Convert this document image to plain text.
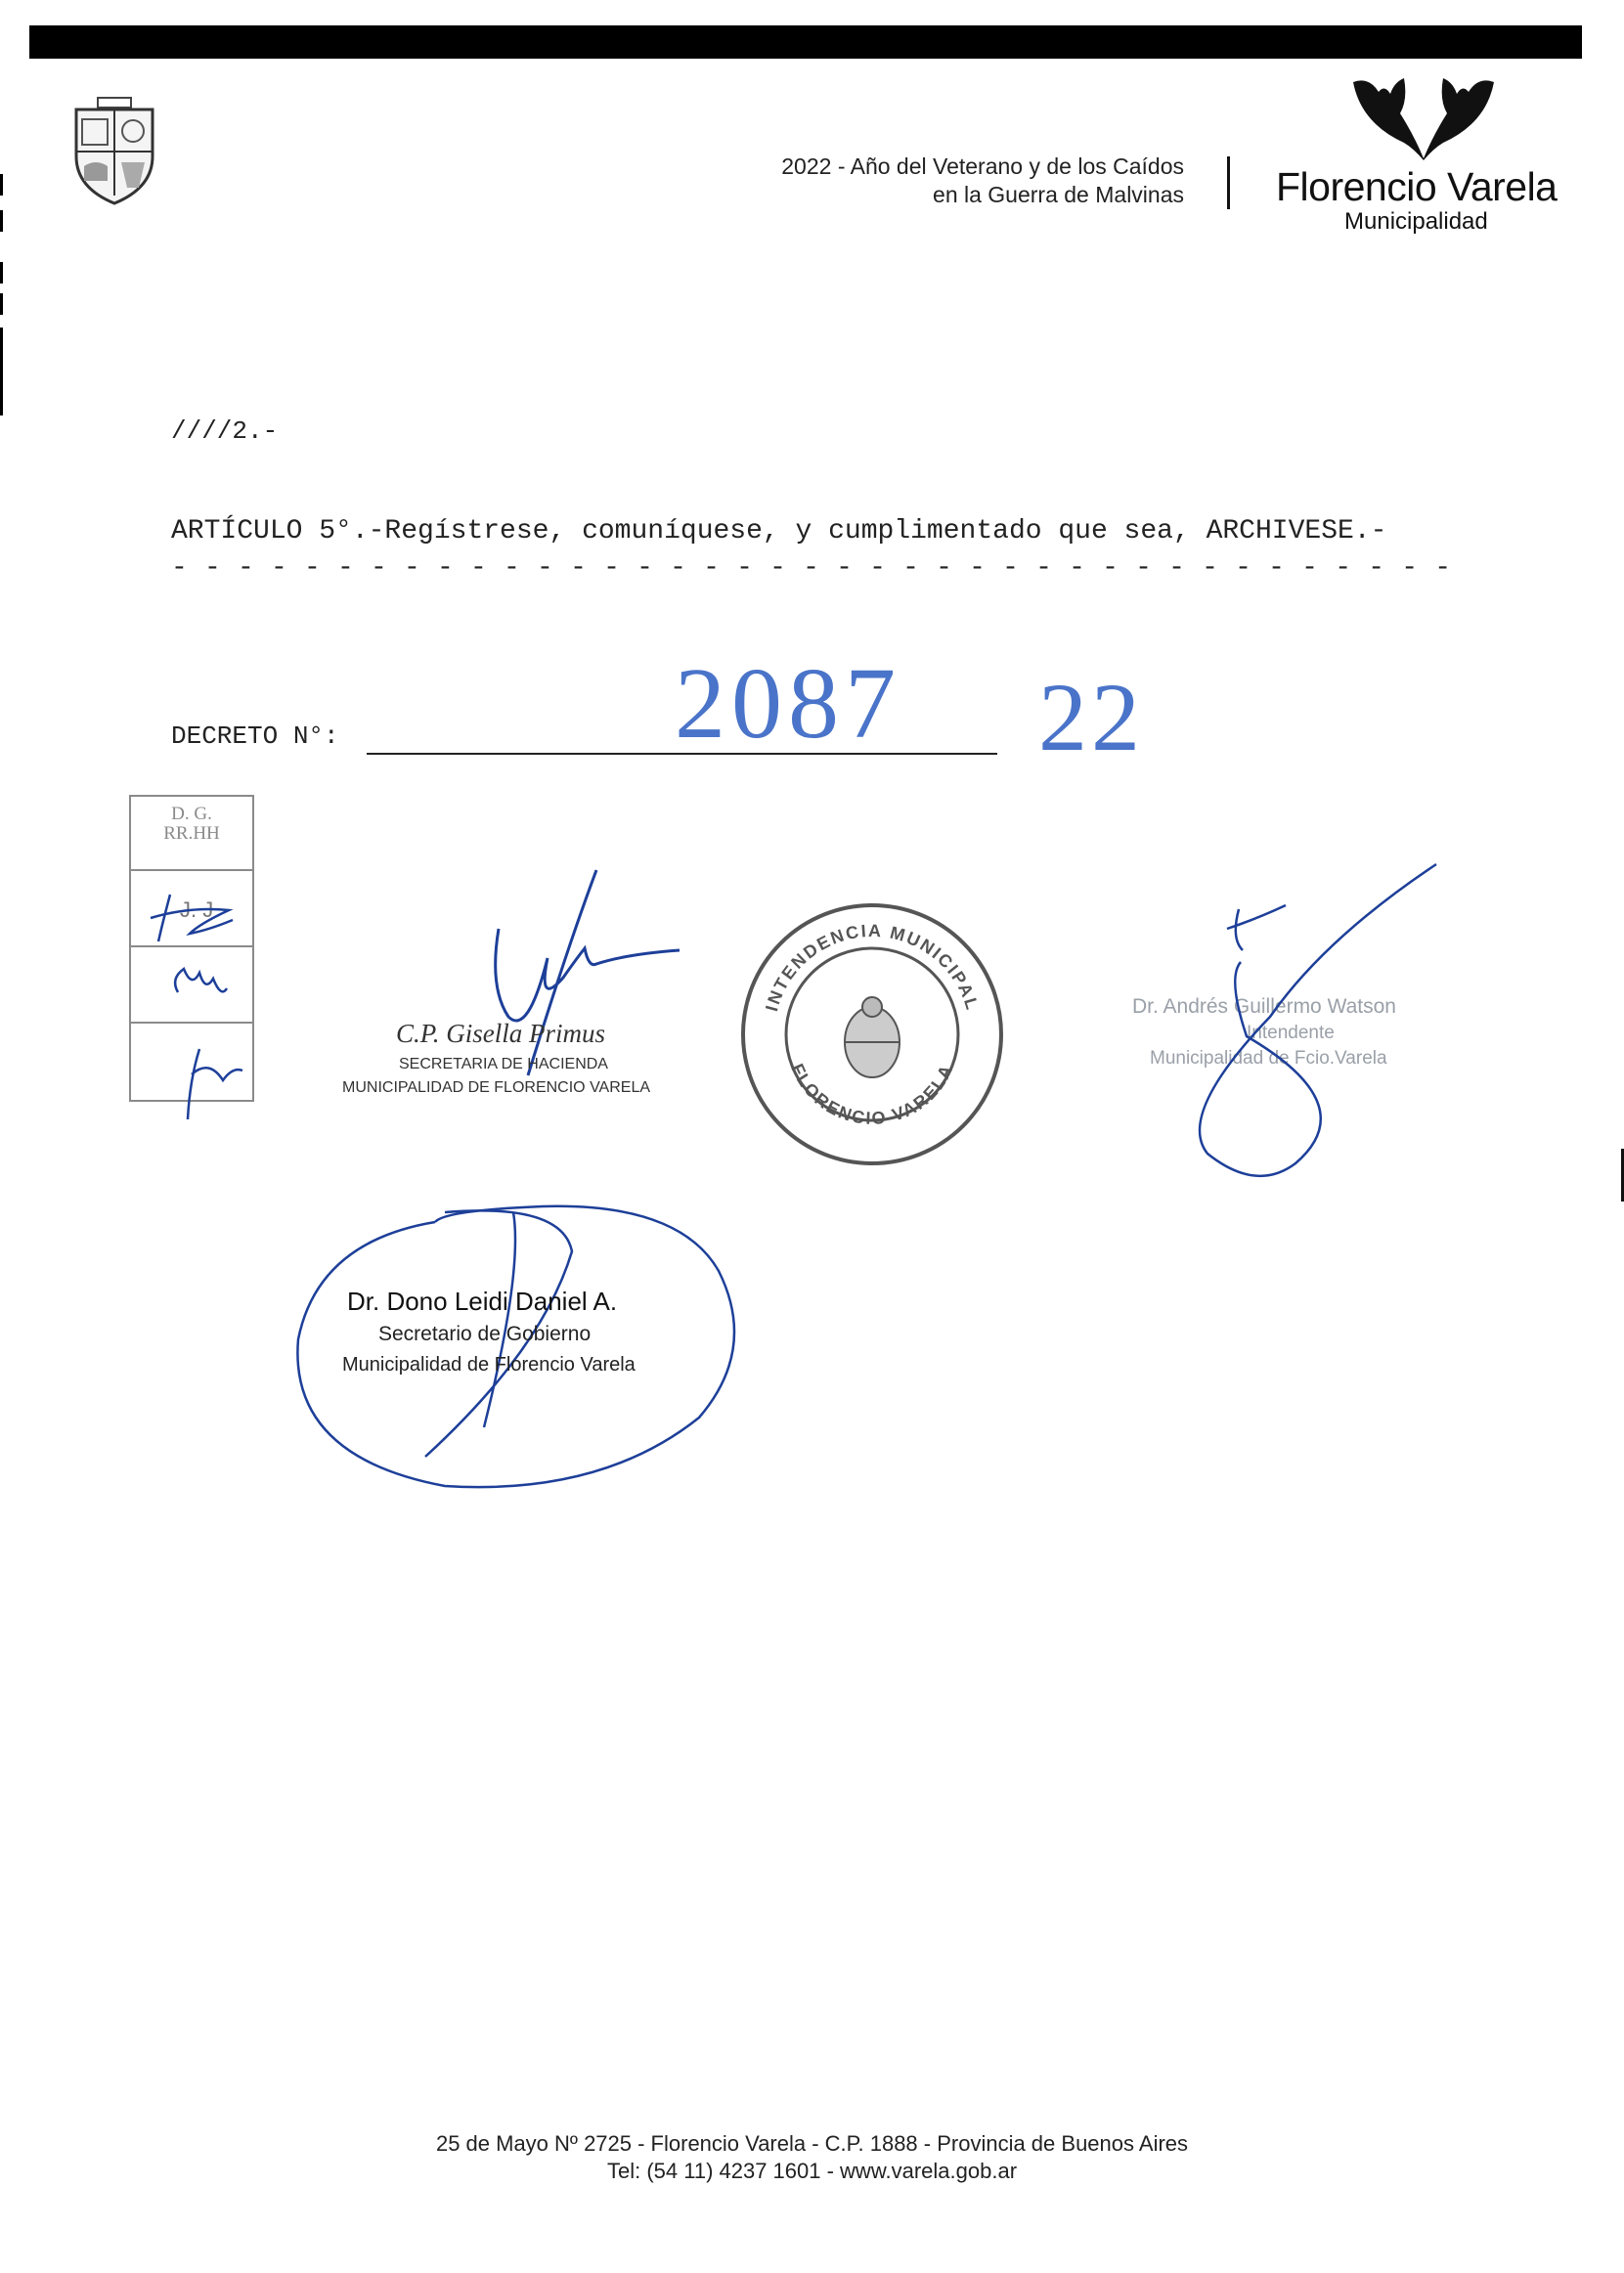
2022 - Año del Veterano y de los Caídos
en la Guerra de Malvinas Florencio Varela
Municipalidad
////2.-
ARTÍCULO 5°.-Regístrese, comuníquese, y cumplimentado que sea, ARCHIVESE.-
- - - - - - - - - - - - - - - - - - - - - - - - - - - - - - - - - - - - - - -
DECRETO N°:	2087 22
D. G.
RR.HH
J. J
C.P. Gisella Primus
SECRETARIA DE HACIENDA
MUNICIPALIDAD DE FLORENCIO VARELA
INTENDENCIA MUNICIPAL
FLORENCIO VARELA
Dr. Andrés Guillermo Watson
Intendente
Municipalidad de Fcio.Varela
Dr. Dono Leidi Daniel A.
Secretario de Gobierno
Municipalidad de Florencio Varela
25 de Mayo Nº 2725 - Florencio Varela - C.P. 1888 - Provincia de Buenos Aires
Tel: (54 11) 4237 1601 - www.varela.gob.ar
